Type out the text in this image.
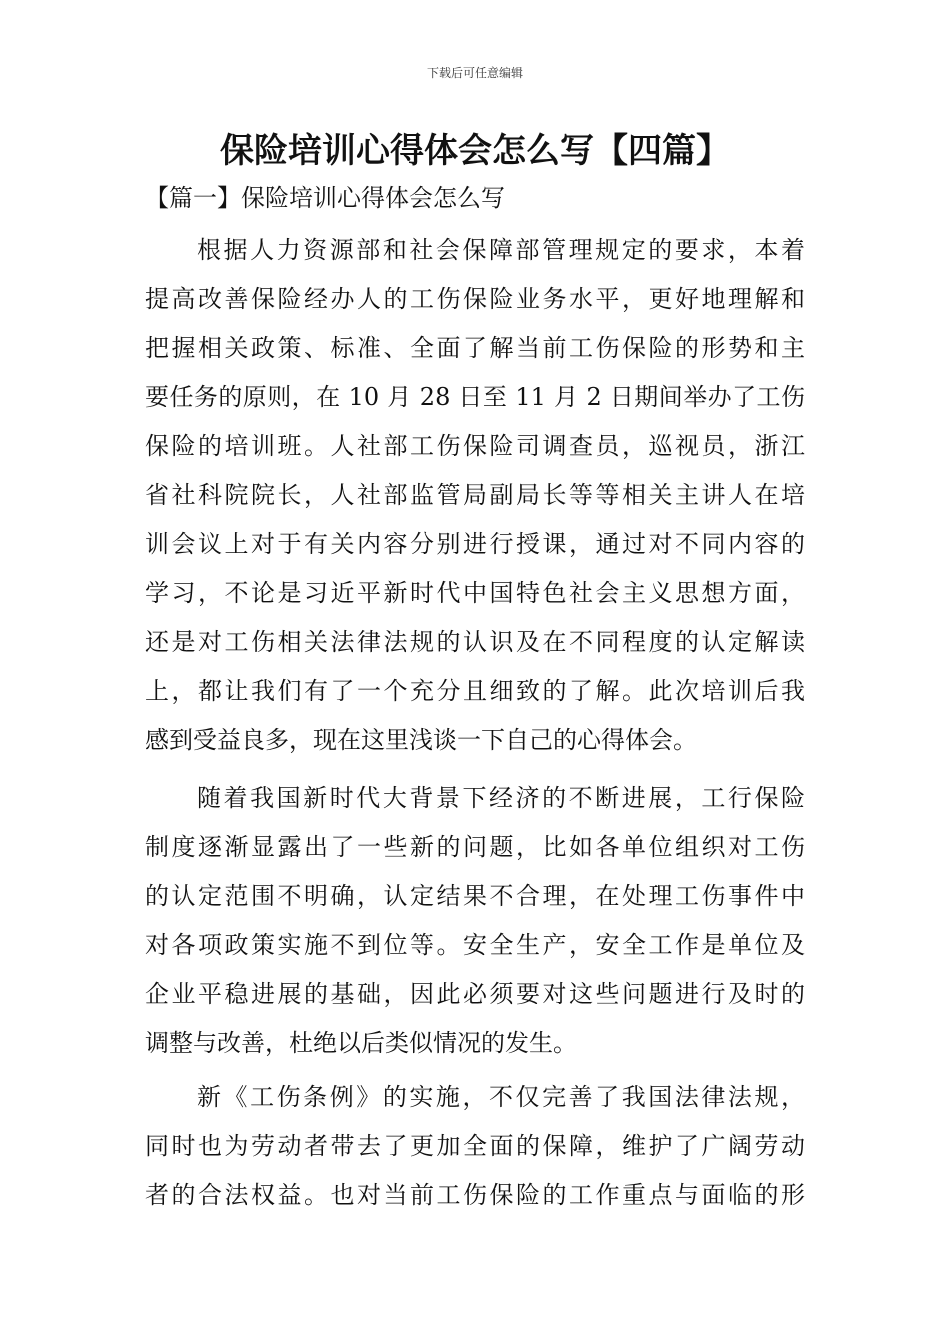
下载后可任意编辑
保险培训心得体会怎么写【四篇】
【篇一】保险培训心得体会怎么写

根据人力资源部和社会保障部管理规定的要求，本着
提高改善保险经办人的工伤保险业务水平，更好地理解和
把握相关政策、标准、全面了解当前工伤保险的形势和主
要任务的原则，在 10 月 28 日至 11 月 2 日期间举办了工伤
保险的培训班。人社部工伤保险司调查员，巡视员，浙江
省社科院院长，人社部监管局副局长等等相关主讲人在培
训会议上对于有关内容分别进行授课，通过对不同内容的
学习，不论是习近平新时代中国特色社会主义思想方面，
还是对工伤相关法律法规的认识及在不同程度的认定解读
上，都让我们有了一个充分且细致的了解。此次培训后我
感到受益良多，现在这里浅谈一下自己的心得体会。

随着我国新时代大背景下经济的不断进展，工行保险
制度逐渐显露出了一些新的问题，比如各单位组织对工伤
的认定范围不明确，认定结果不合理，在处理工伤事件中
对各项政策实施不到位等。安全生产，安全工作是单位及
企业平稳进展的基础，因此必须要对这些问题进行及时的
调整与改善，杜绝以后类似情况的发生。

新《工伤条例》的实施，不仅完善了我国法律法规，
同时也为劳动者带去了更加全面的保障，维护了广阔劳动
者的合法权益。也对当前工伤保险的工作重点与面临的形
